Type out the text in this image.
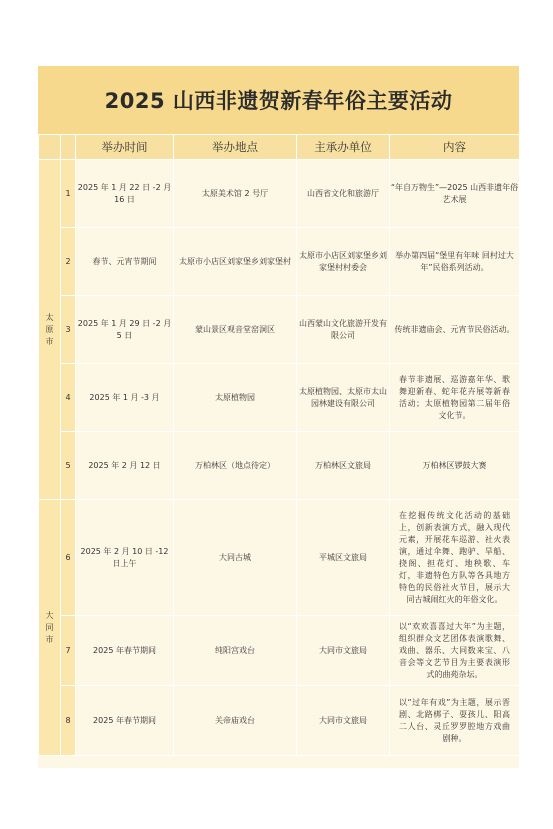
2025 山西非遗贺新春年俗主要活动
		举办时间	举办地点	主承办单位	内容
太原市	1	2025 年 1 月 22 日 -2 月 16 日	太原美术馆 2 号厅	山西省文化和旅游厅	“年自万物生”—2025 山西非遗年俗艺术展
	2	春节、元宵节期间	太原市小店区刘家堡乡刘家堡村	太原市小店区刘家堡乡刘家堡村村委会	举办第四届“堡里有年味 回村过大年”民俗系列活动。
	3	2025 年 1 月 29 日 -2 月 5 日	蒙山景区观音堂窑洞区	山西蒙山文化旅游开发有限公司	传统非遗庙会、元宵节民俗活动。
	4	2025 年 1 月 -3 月	太原植物园	太原植物园、太原市太山园林建设有限公司	春节非遗展、巡游嘉年华、歌舞迎新春、蛇年花卉展等新春活动；太原植物园第二届年俗文化节。
	5	2025 年 2 月 12 日	万柏林区（地点待定）	万柏林区文旅局	万柏林区锣鼓大赛
大同市	6	2025 年 2 月 10 日 -12 日上午	大同古城	平城区文旅局	在挖掘传统文化活动的基础上，创新表演方式，融入现代元素，开展花车巡游、社火表演，通过伞舞、跑驴、旱船、挠阁、担花灯、地秧歌、车灯，非遗特色方队等各具地方特色的民俗社火节目，展示大同古城闹红火的年俗文化。
	7	2025 年春节期间	纯阳宫戏台	大同市文旅局	以“欢欢喜喜过大年”为主题，组织群众文艺团体表演歌舞、戏曲、器乐、大同数来宝、八音会等文艺节目为主要表演形式的曲苑杂坛。
	8	2025 年春节期间	关帝庙戏台	大同市文旅局	以“过年有戏”为主题，展示晋剧、北路梆子、耍孩儿、阳高二人台、灵丘罗罗腔地方戏曲剧种。
